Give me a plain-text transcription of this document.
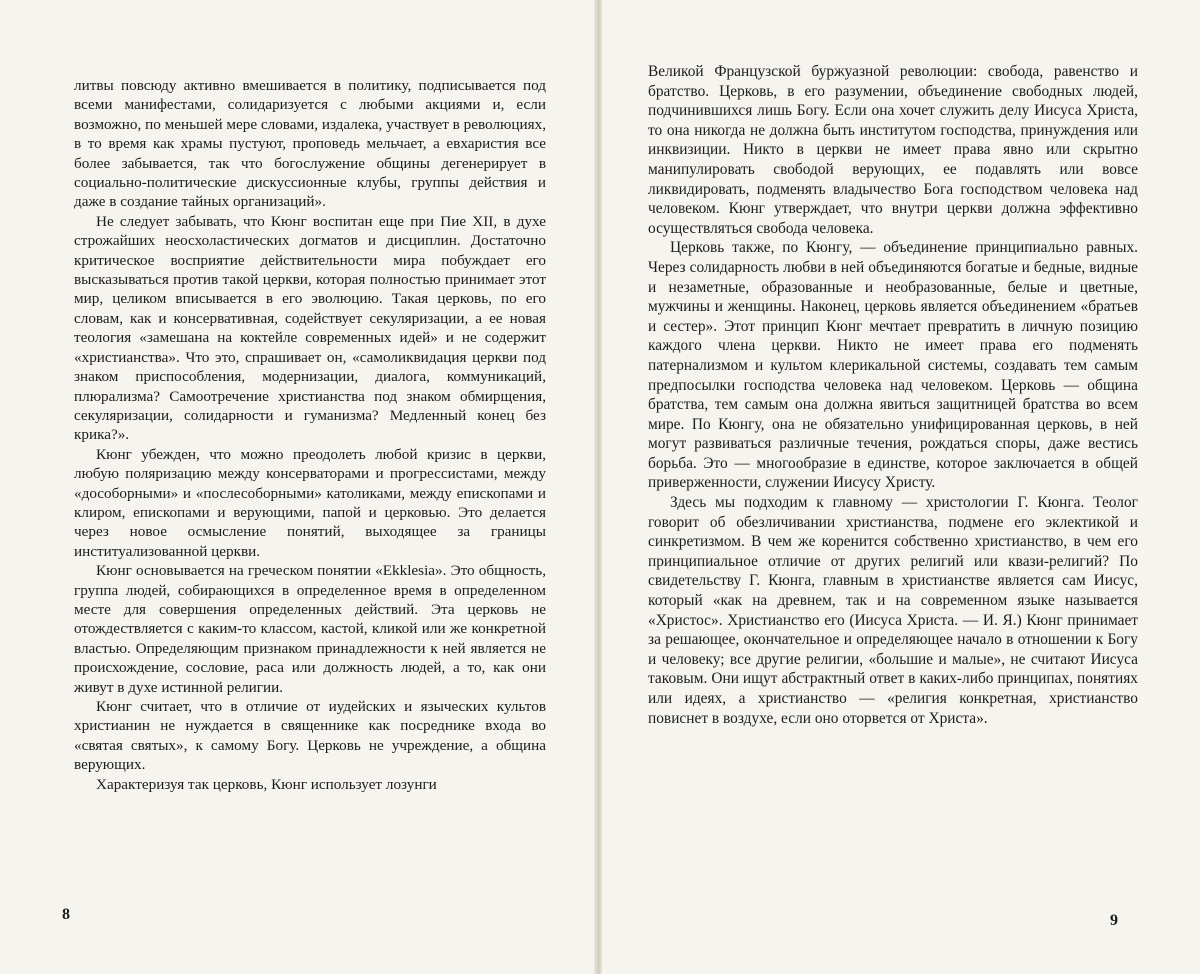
литвы повсюду активно вмешивается в политику, подписывается под всеми манифестами, солидаризуется с любыми акциями и, если возможно, по меньшей мере словами, издалека, участвует в революциях, в то время как храмы пустуют, проповедь мельчает, а евхаристия все более забывается, так что богослужение общины дегенерирует в социально-политические дискуссионные клубы, группы действия и даже в создание тайных организаций».

Не следует забывать, что Кюнг воспитан еще при Пие XII, в духе строжайших неосхоластических догматов и дисциплин. Достаточно критическое восприятие действительности мира побуждает его высказываться против такой церкви, которая полностью принимает этот мир, целиком вписывается в его эволюцию. Такая церковь, по его словам, как и консервативная, содействует секуляризации, а ее новая теология «замешана на коктейле современных идей» и не содержит «христианства». Что это, спрашивает он, «самоликвидация церкви под знаком приспособления, модернизации, диалога, коммуникаций, плюрализма? Самоотречение христианства под знаком обмирщения, секуляризации, солидарности и гуманизма? Медленный конец без крика?».

Кюнг убежден, что можно преодолеть любой кризис в церкви, любую поляризацию между консерваторами и прогрессистами, между «дособорными» и «послесоборными» католиками, между епископами и клиром, епископами и верующими, папой и церковью. Это делается через новое осмысление понятий, выходящее за границы институализованной церкви.

Кюнг основывается на греческом понятии «Ekklesia». Это общность, группа людей, собирающихся в определенное время в определенном месте для совершения определенных действий. Эта церковь не отождествляется с каким-то классом, кастой, кликой или же конкретной властью. Определяющим признаком принадлежности к ней является не происхождение, сословие, раса или должность людей, а то, как они живут в духе истинной религии.

Кюнг считает, что в отличие от иудейских и языческих культов христианин не нуждается в священнике как посреднике входа во «святая святых», к самому Богу. Церковь не учреждение, а община верующих.

Характеризуя так церковь, Кюнг использует лозунги

8

Великой Французской буржуазной революции: свобода, равенство и братство. Церковь, в его разумении, объединение свободных людей, подчинившихся лишь Богу. Если она хочет служить делу Иисуса Христа, то она никогда не должна быть институтом господства, принуждения или инквизиции. Никто в церкви не имеет права явно или скрытно манипулировать свободой верующих, ее подавлять или вовсе ликвидировать, подменять владычество Бога господством человека над человеком. Кюнг утверждает, что внутри церкви должна эффективно осуществляться свобода человека.

Церковь также, по Кюнгу, — объединение принципиально равных. Через солидарность любви в ней объединяются богатые и бедные, видные и незаметные, образованные и необразованные, белые и цветные, мужчины и женщины. Наконец, церковь является объединением «братьев и сестер». Этот принцип Кюнг мечтает превратить в личную позицию каждого члена церкви. Никто не имеет права его подменять патернализмом и культом клерикальной системы, создавать тем самым предпосылки господства человека над человеком. Церковь — община братства, тем самым она должна явиться защитницей братства во всем мире. По Кюнгу, она не обязательно унифицированная церковь, в ней могут развиваться различные течения, рождаться споры, даже вестись борьба. Это — многообразие в единстве, которое заключается в общей приверженности, служении Иисусу Христу.

Здесь мы подходим к главному — христологии Г. Кюнга. Теолог говорит об обезличивании христианства, подмене его эклектикой и синкретизмом. В чем же коренится собственно христианство, в чем его принципиальное отличие от других религий или квази-религий? По свидетельству Г. Кюнга, главным в христианстве является сам Иисус, который «как на древнем, так и на современном языке называется «Христос». Христианство его (Иисуса Христа. — И. Я.) Кюнг принимает за решающее, окончательное и определяющее начало в отношении к Богу и человеку; все другие религии, «большие и малые», не считают Иисуса таковым. Они ищут абстрактный ответ в каких-либо принципах, понятиях или идеях, а христианство — «религия конкретная, христианство повиснет в воздухе, если оно оторвется от Христа».

9
